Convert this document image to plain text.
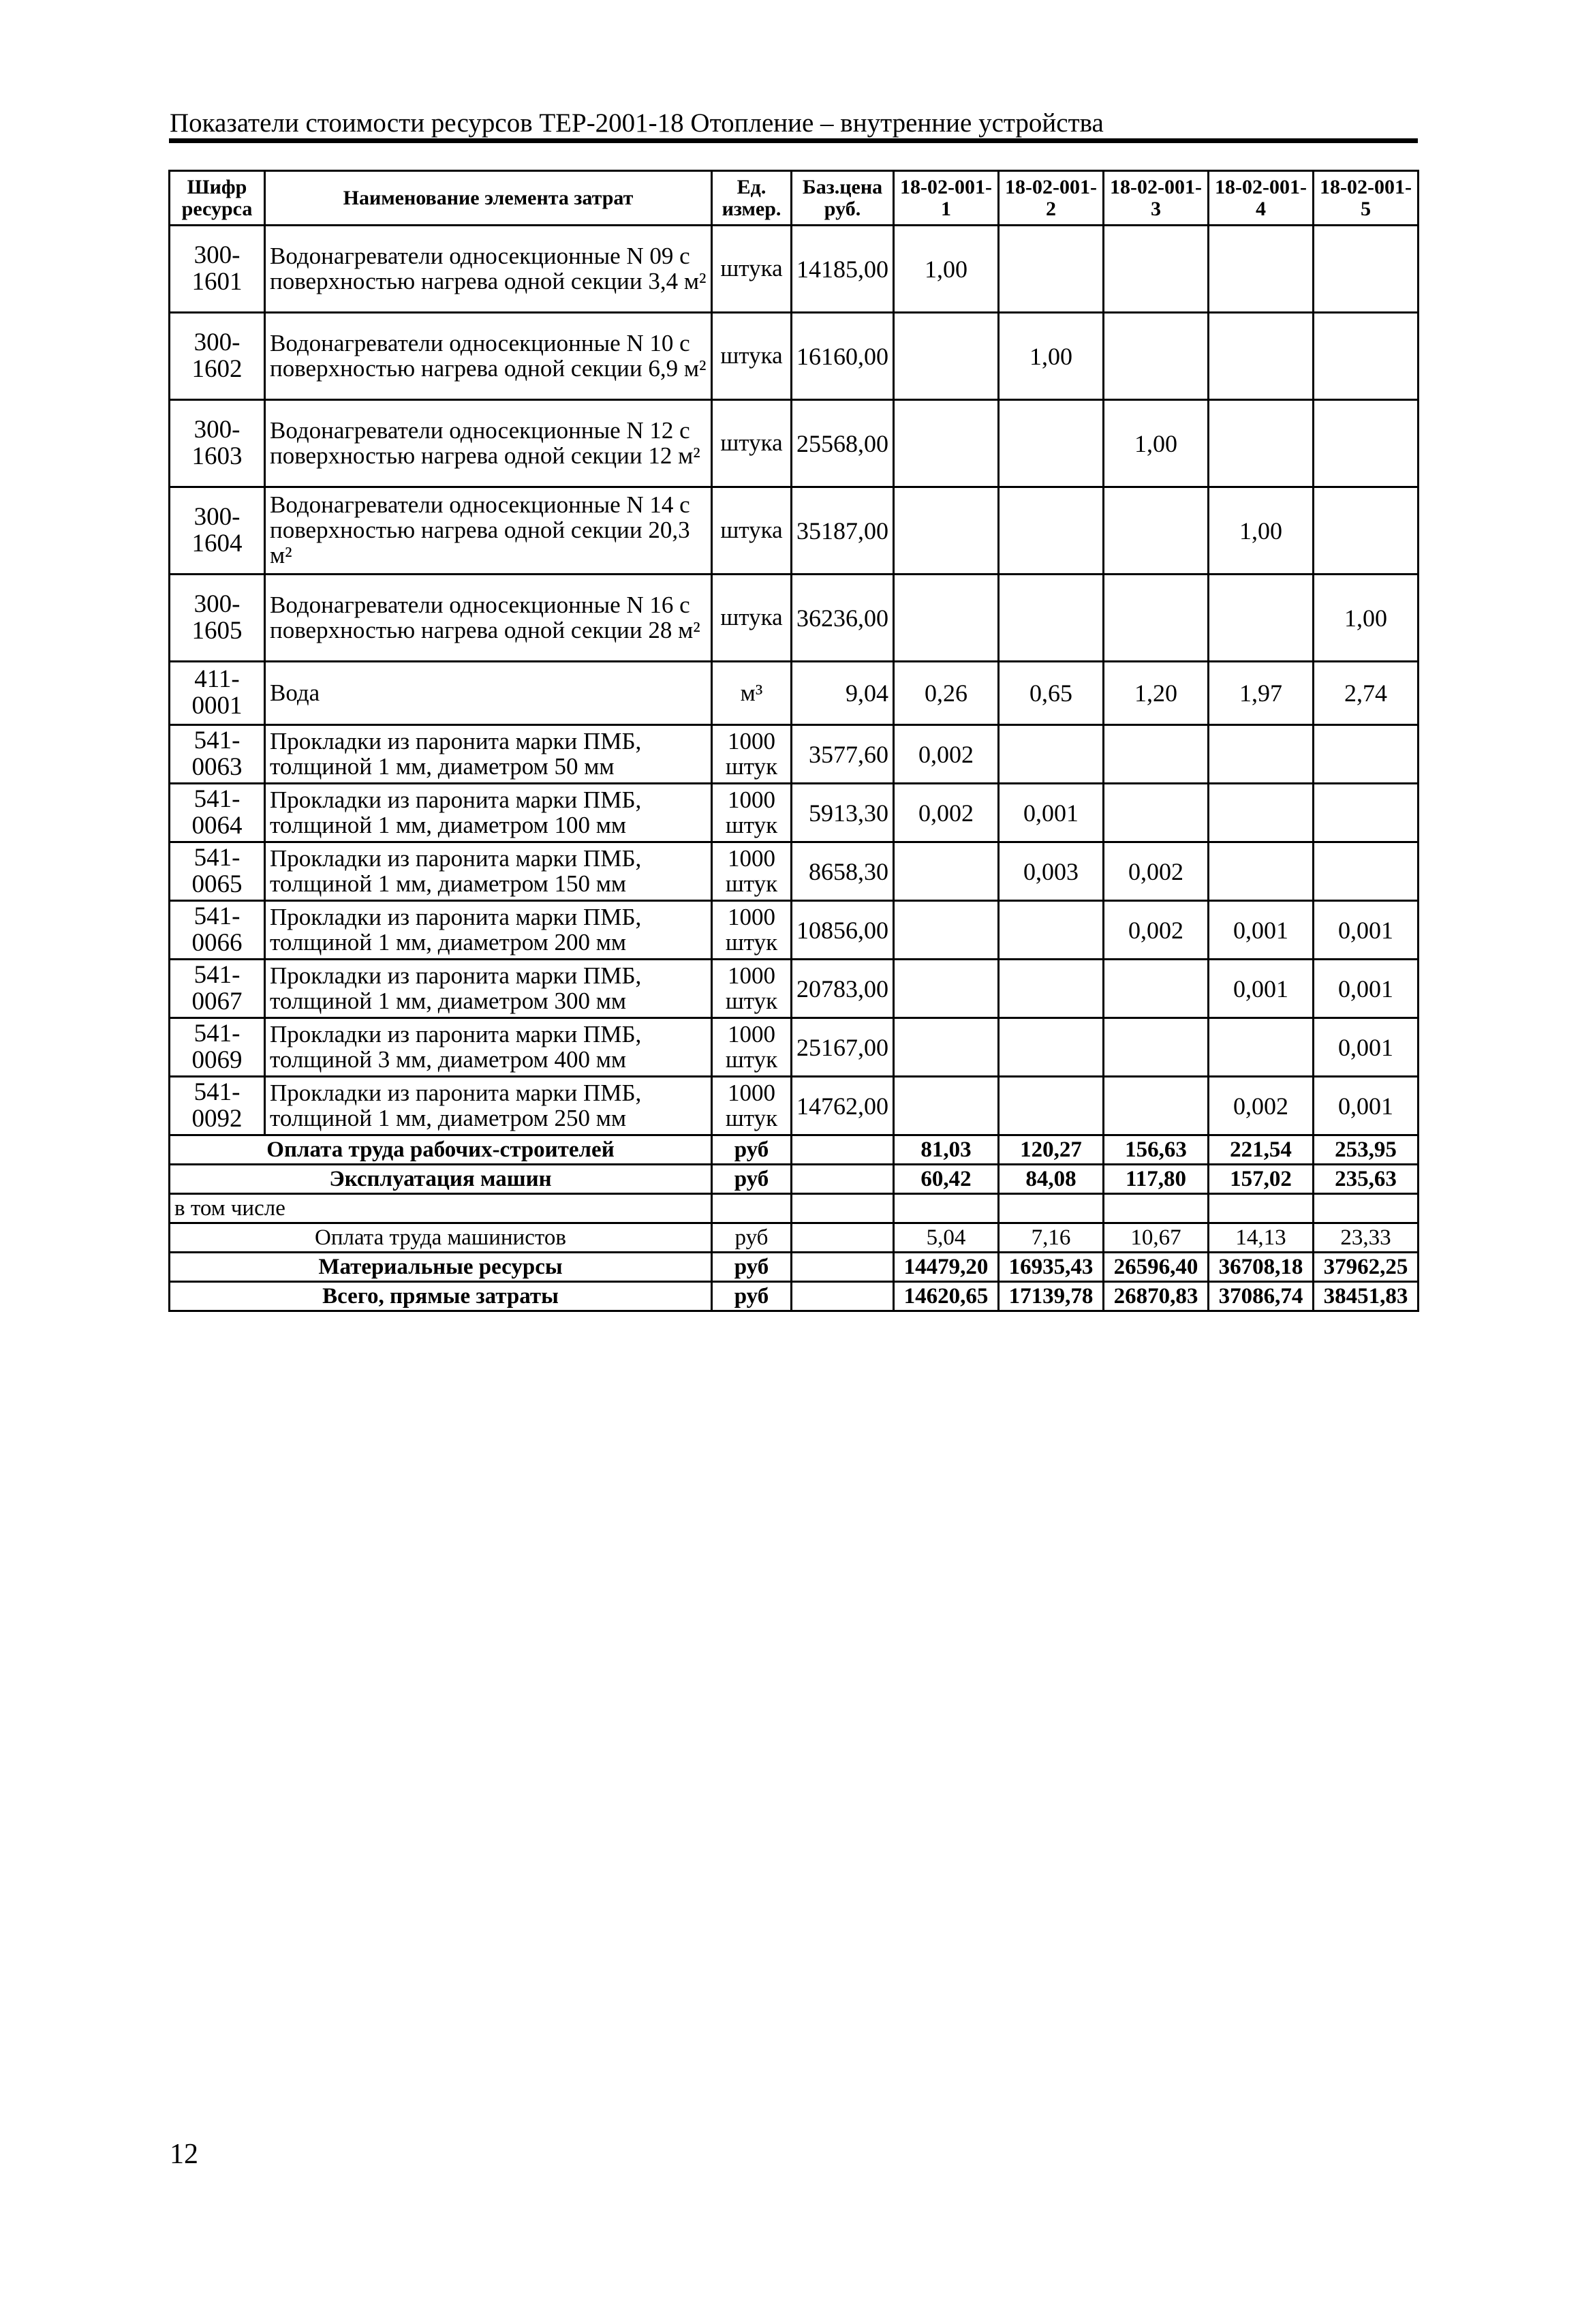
Показатели стоимости ресурсов ТЕР-2001-18 Отопление – внутренние устройства
Шифр ресурса	Наименование элемента затрат	Ед. измер.	Баз.цена руб.	18-02-001-1	18-02-001-2	18-02-001-3	18-02-001-4	18-02-001-5
300-1601	Водонагреватели односекционные N 09 с поверхностью нагрева одной секции 3,4 м²	штука	14185,00	1,00				
300-1602	Водонагреватели односекционные N 10 с поверхностью нагрева одной секции 6,9 м²	штука	16160,00		1,00			
300-1603	Водонагреватели односекционные N 12 с поверхностью нагрева одной секции 12 м²	штука	25568,00			1,00		
300-1604	Водонагреватели односекционные N 14 с поверхностью нагрева одной секции 20,3 м²	штука	35187,00				1,00	
300-1605	Водонагреватели односекционные N 16 с поверхностью нагрева одной секции 28 м²	штука	36236,00					1,00
411-0001	Вода	м³	9,04	0,26	0,65	1,20	1,97	2,74
541-0063	Прокладки из паронита марки ПМБ, толщиной 1 мм, диаметром 50 мм	1000 штук	3577,60	0,002				
541-0064	Прокладки из паронита марки ПМБ, толщиной 1 мм, диаметром 100 мм	1000 штук	5913,30	0,002	0,001			
541-0065	Прокладки из паронита марки ПМБ, толщиной 1 мм, диаметром 150 мм	1000 штук	8658,30		0,003	0,002		
541-0066	Прокладки из паронита марки ПМБ, толщиной 1 мм, диаметром 200 мм	1000 штук	10856,00			0,002	0,001	0,001
541-0067	Прокладки из паронита марки ПМБ, толщиной 1 мм, диаметром 300 мм	1000 штук	20783,00				0,001	0,001
541-0069	Прокладки из паронита марки ПМБ, толщиной 3 мм, диаметром 400 мм	1000 штук	25167,00					0,001
541-0092	Прокладки из паронита марки ПМБ, толщиной 1 мм, диаметром 250 мм	1000 штук	14762,00				0,002	0,001
Оплата труда рабочих-строителей		руб		81,03	120,27	156,63	221,54	253,95
Эксплуатация машин		руб		60,42	84,08	117,80	157,02	235,63
в том числе								
Оплата труда машинистов		руб		5,04	7,16	10,67	14,13	23,33
Материальные ресурсы		руб		14479,20	16935,43	26596,40	36708,18	37962,25
Всего, прямые затраты		руб		14620,65	17139,78	26870,83	37086,74	38451,83
12
